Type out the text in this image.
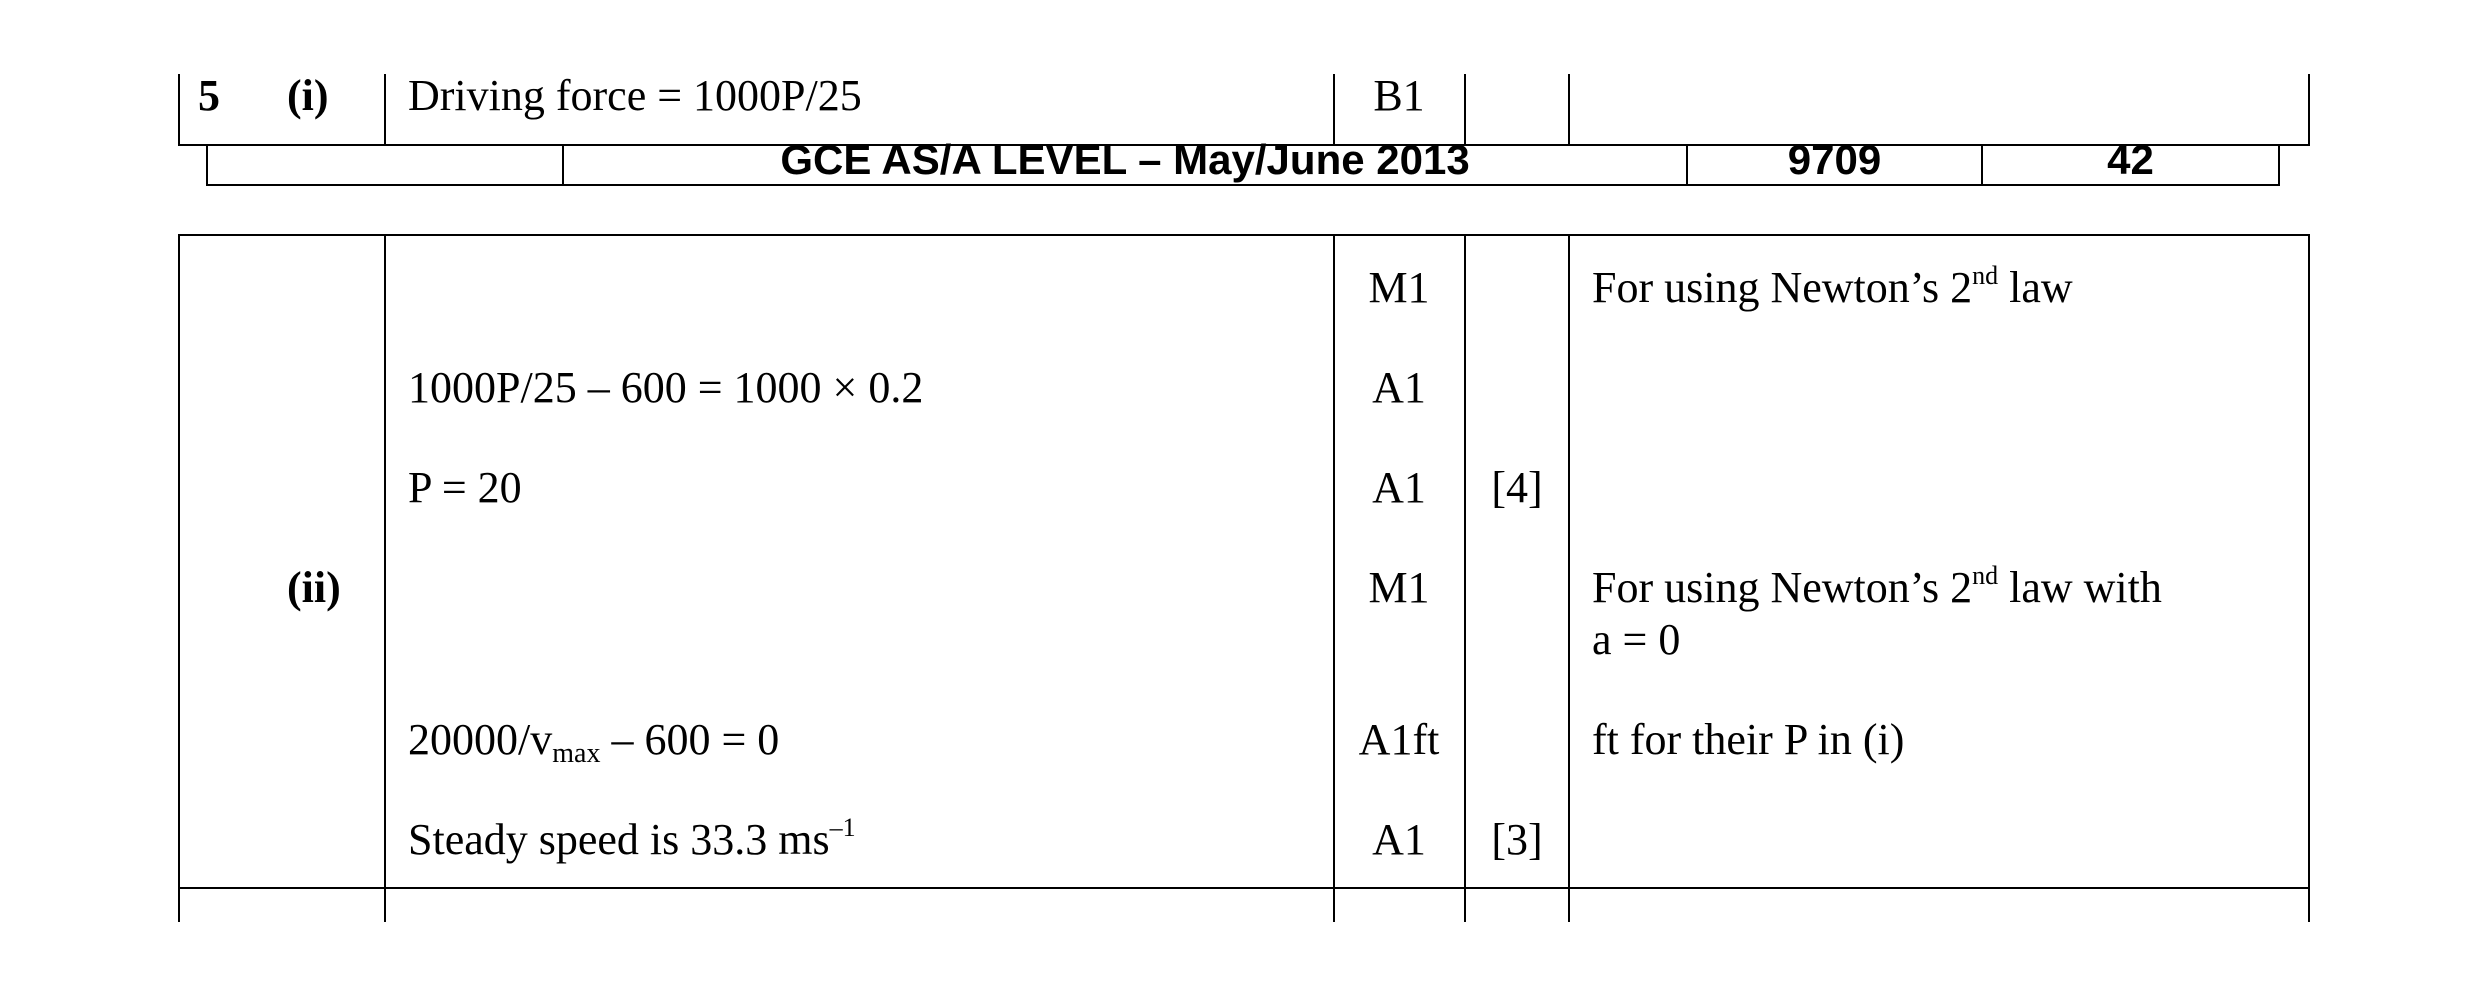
5 (i) Driving force = 1000P/25	B1
GCE AS/A LEVEL – May/June 2013	9709	42
M1	For using Newton’s 2nd law
1000P/25 – 600 = 1000 × 0.2	A1
P = 20	A1	[4]
(ii)	M1	For using Newton’s 2nd law with
a = 0
$20000/v_{max} - 600 = 0$	A1ft	ft for their P in (i)
Steady speed is 33.3 $ms^{-1}$	A1	[3]
